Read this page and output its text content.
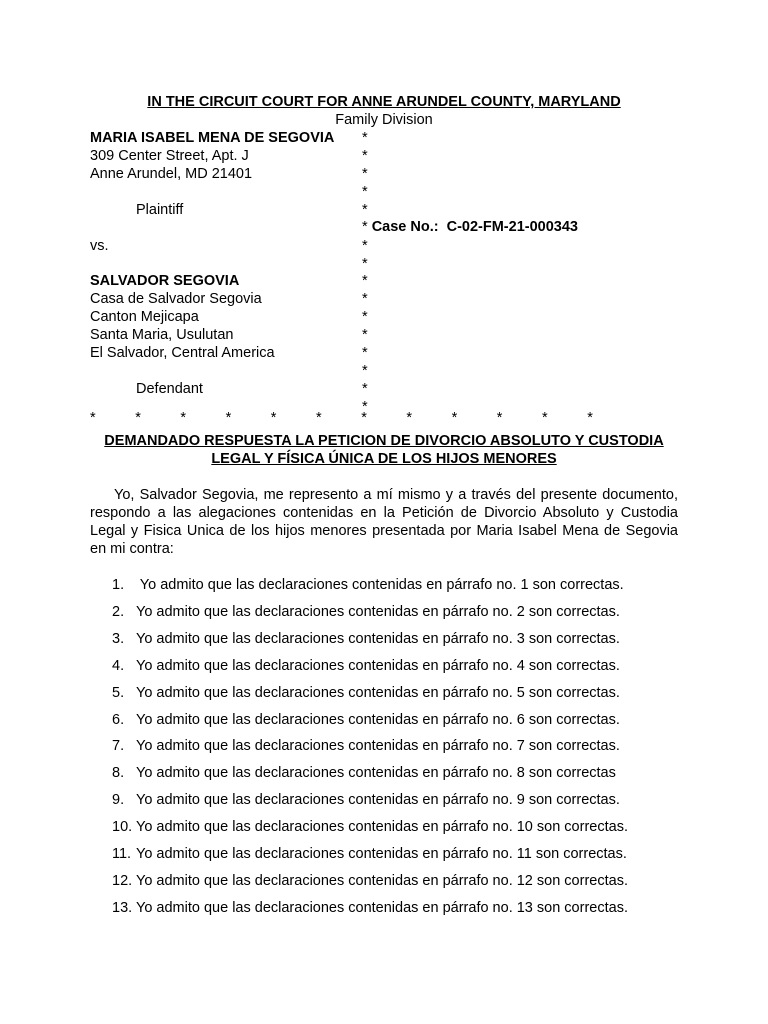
IN THE CIRCUIT COURT FOR ANNE ARUNDEL COUNTY, MARYLAND
Family Division
MARIA ISABEL MENA DE SEGOVIA
309 Center Street, Apt. J
Anne Arundel, MD 21401
Plaintiff
vs.
SALVADOR SEGOVIA
Casa de Salvador Segovia
Canton Mejicapa
Santa Maria, Usulutan
El Salvador, Central America
Defendant
*
*
*
*
*
*
*
*
*
*
*
*
*
*
*
* Case No.: C-02-FM-21-000343
*	*	*	*	*	*	*	*	*	*	*	*
DEMANDADO RESPUESTA LA PETICION DE DIVORCIO ABSOLUTO Y CUSTODIA
LEGAL Y FÍSICA ÚNICA DE LOS HIJOS MENORES
Yo, Salvador Segovia, me represento a mí mismo y a través del presente documento, respondo a las alegaciones contenidas en la Petición de Divorcio Absoluto y Custodia Legal y Fisica Unica de los hijos menores presentada por Maria Isabel Mena de Segovia en mi contra:
1. Yo admito que las declaraciones contenidas en párrafo no. 1 son correctas.
2. Yo admito que las declaraciones contenidas en párrafo no. 2 son correctas.
3. Yo admito que las declaraciones contenidas en párrafo no. 3 son correctas.
4. Yo admito que las declaraciones contenidas en párrafo no. 4 son correctas.
5. Yo admito que las declaraciones contenidas en párrafo no. 5 son correctas.
6. Yo admito que las declaraciones contenidas en párrafo no. 6 son correctas.
7. Yo admito que las declaraciones contenidas en párrafo no. 7 son correctas.
8. Yo admito que las declaraciones contenidas en párrafo no. 8 son correctas
9. Yo admito que las declaraciones contenidas en párrafo no. 9 son correctas.
10. Yo admito que las declaraciones contenidas en párrafo no. 10 son correctas.
11. Yo admito que las declaraciones contenidas en párrafo no. 11 son correctas.
12. Yo admito que las declaraciones contenidas en párrafo no. 12 son correctas.
13. Yo admito que las declaraciones contenidas en párrafo no. 13 son correctas.
